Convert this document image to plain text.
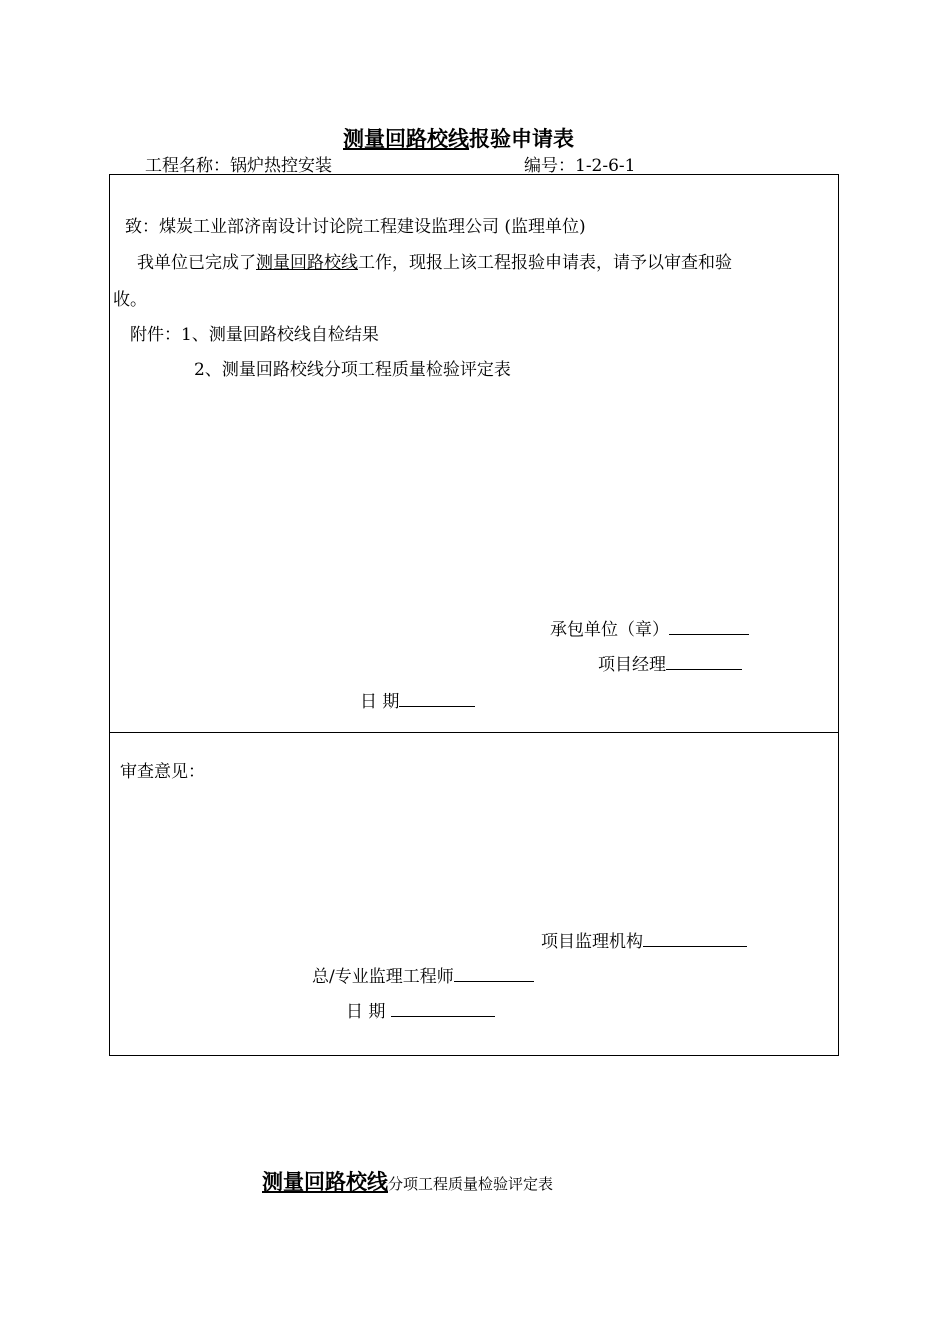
测量回路校线报验申请表
工程名称：锅炉热控安装	编号：1-2-6-1
致：煤炭工业部济南设计讨论院工程建设监理公司 (监理单位)
我单位已完成了测量回路校线工作，现报上该工程报验申请表，请予以审查和验
收。
附件：1、测量回路校线自检结果
2、测量回路校线分项工程质量检验评定表
承包单位（章）
项目经理
日 期
审查意见：
项目监理机构
总/专业监理工程师
日 期
测量回路校线分项工程质量检验评定表
